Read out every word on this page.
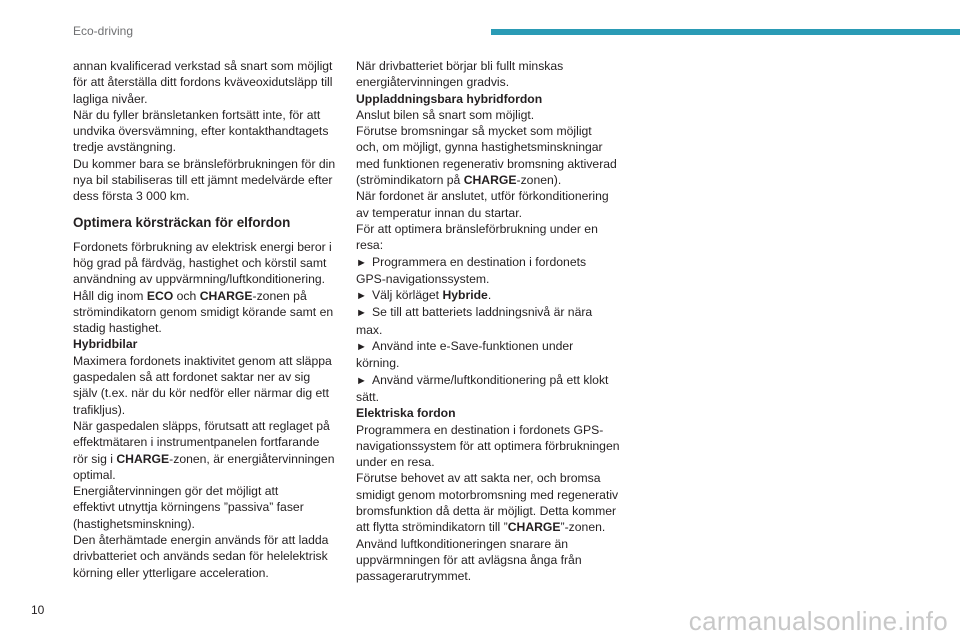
Eco-driving

annan kvalificerad verkstad så snart som möjligt

för att återställa ditt fordons kväveoxidutsläpp till

lagliga nivåer.

När du fyller bränsletanken fortsätt inte, för att

undvika översvämning, efter kontakthandtagets

tredje avstängning.

Du kommer bara se bränsleförbrukningen för din

nya bil stabiliseras till ett jämnt medelvärde efter

dess första 3 000 km.

Optimera körsträckan för elfordon

Fordonets förbrukning av elektrisk energi beror i

hög grad på färdväg, hastighet och körstil samt

användning av uppvärmning/luftkonditionering.

Håll dig inom ECO och CHARGE-zonen på

strömindikatorn genom smidigt körande samt en

stadig hastighet.

Hybridbilar

Maximera fordonets inaktivitet genom att släppa

gaspedalen så att fordonet saktar ner av sig

själv (t.ex. när du kör nedför eller närmar dig ett

trafikljus).

När gaspedalen släpps, förutsatt att reglaget på

effektmätaren i instrumentpanelen fortfarande

rör sig i CHARGE-zonen, är energiåtervinningen

optimal.

Energiåtervinningen gör det möjligt att

effektivt utnyttja körningens ”passiva” faser

(hastighetsminskning).

Den återhämtade energin används för att ladda

drivbatteriet och används sedan för helelektrisk

körning eller ytterligare acceleration.

När drivbatteriet börjar bli fullt minskas

energiåtervinningen gradvis.

Uppladdningsbara hybridfordon

Anslut bilen så snart som möjligt.

Förutse bromsningar så mycket som möjligt

och, om möjligt, gynna hastighetsminskningar

med funktionen regenerativ bromsning aktiverad

(strömindikatorn på CHARGE-zonen).

När fordonet är anslutet, utför förkonditionering

av temperatur innan du startar.

För att optimera bränsleförbrukning under en

resa:

► Programmera en destination i fordonets

GPS-navigationssystem.

► Välj körläget Hybride.

► Se till att batteriets laddningsnivå är nära

max.

► Använd inte e-Save-funktionen under

körning.

► Använd värme/luftkonditionering på ett klokt

sätt.

Elektriska fordon

Programmera en destination i fordonets GPS-

navigationssystem för att optimera förbrukningen

under en resa.

Förutse behovet av att sakta ner, och bromsa

smidigt genom motorbromsning med regenerativ

bromsfunktion då detta är möjligt. Detta kommer

att flytta strömindikatorn till ”CHARGE”-zonen.

Använd luftkonditioneringen snarare än

uppvärmningen för att avlägsna ånga från

passagerarutrymmet.

10	carmanualsonline.info
